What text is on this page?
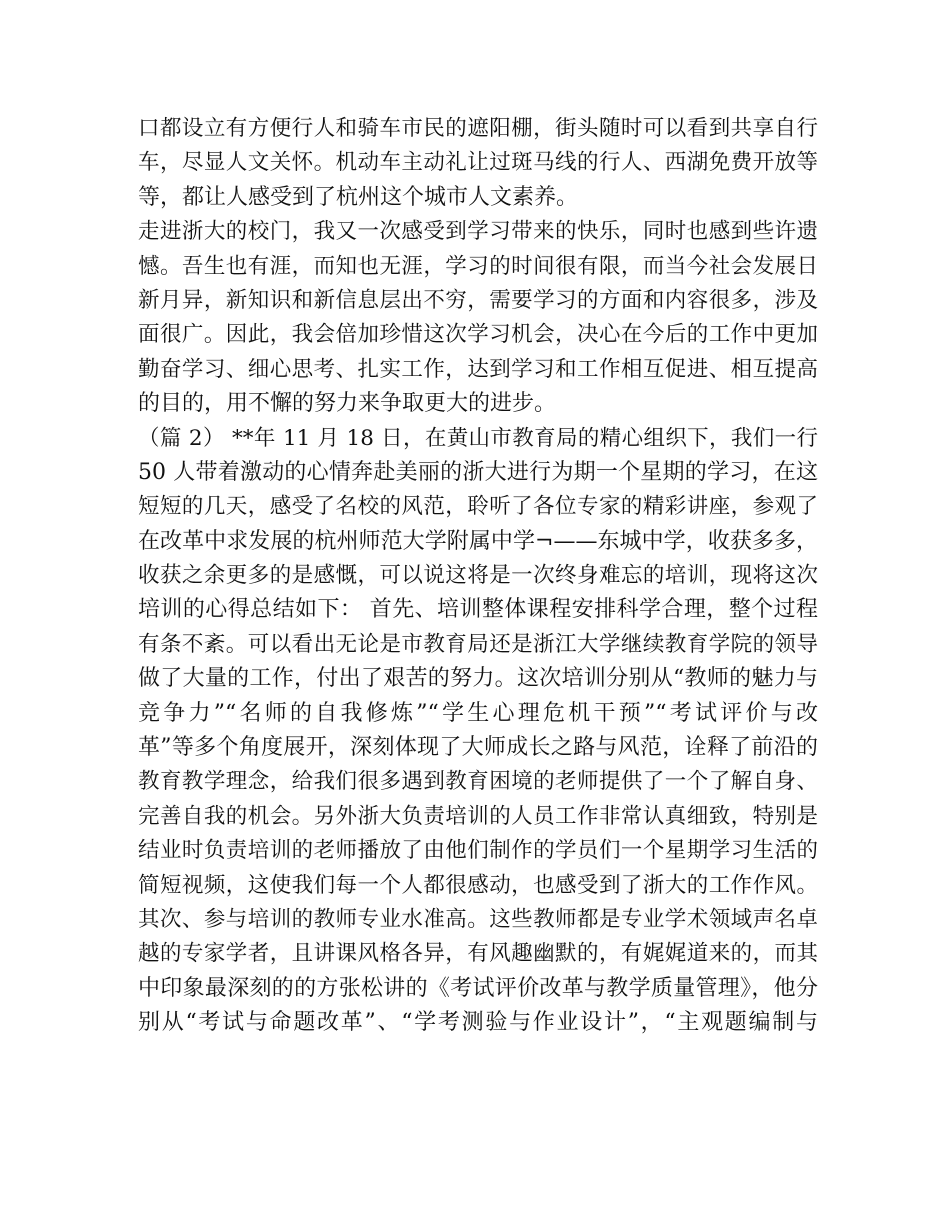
口都设立有方便行人和骑车市民的遮阳棚，街头随时可以看到共享自行
车，尽显人文关怀。机动车主动礼让过斑马线的行人、西湖免费开放等
等，都让人感受到了杭州这个城市人文素养。
走进浙大的校门，我又一次感受到学习带来的快乐，同时也感到些许遗
憾。吾生也有涯，而知也无涯，学习的时间很有限，而当今社会发展日
新月异，新知识和新信息层出不穷，需要学习的方面和内容很多，涉及
面很广。因此，我会倍加珍惜这次学习机会，决心在今后的工作中更加
勤奋学习、细心思考、扎实工作，达到学习和工作相互促进、相互提高
的目的，用不懈的努力来争取更大的进步。
（篇 2） **年 11 月 18 日，在黄山市教育局的精心组织下，我们一行
50 人带着激动的心情奔赴美丽的浙大进行为期一个星期的学习，在这
短短的几天，感受了名校的风范，聆听了各位专家的精彩讲座，参观了
在改革中求发展的杭州师范大学附属中学¬——东城中学，收获多多，
收获之余更多的是感慨，可以说这将是一次终身难忘的培训，现将这次
培训的心得总结如下： 首先、培训整体课程安排科学合理，整个过程
有条不紊。可以看出无论是市教育局还是浙江大学继续教育学院的领导
做了大量的工作，付出了艰苦的努力。这次培训分别从“教师的魅力与
竞争力”“名师的自我修炼”“学生心理危机干预”“考试评价与改
革”等多个角度展开，深刻体现了大师成长之路与风范，诠释了前沿的
教育教学理念，给我们很多遇到教育困境的老师提供了一个了解自身、
完善自我的机会。另外浙大负责培训的人员工作非常认真细致，特别是
结业时负责培训的老师播放了由他们制作的学员们一个星期学习生活的
简短视频，这使我们每一个人都很感动，也感受到了浙大的工作作风。
其次、参与培训的教师专业水准高。这些教师都是专业学术领域声名卓
越的专家学者，且讲课风格各异，有风趣幽默的，有娓娓道来的，而其
中印象最深刻的的方张松讲的《考试评价改革与教学质量管理》，他分
别从“考试与命题改革”、“学考测验与作业设计”，“主观题编制与
